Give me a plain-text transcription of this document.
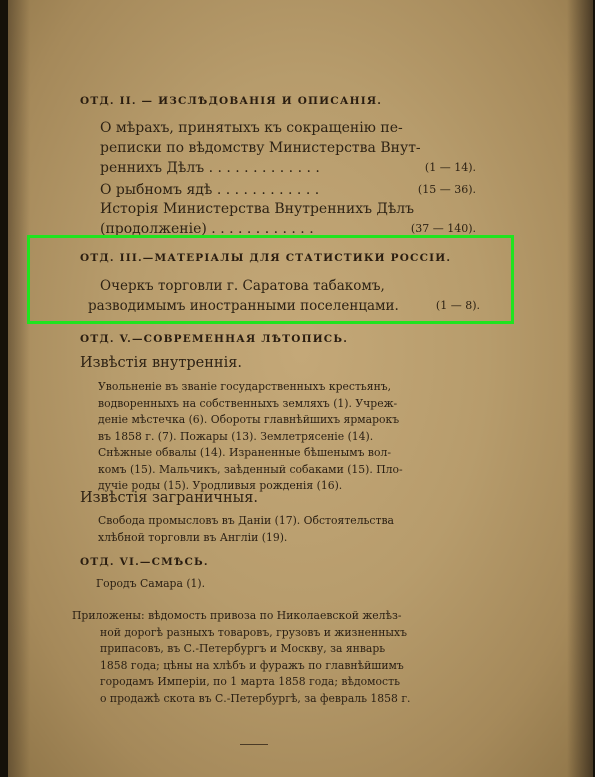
ОТД. II. — ИЗСЛѢДОВАНІЯ И ОПИСАНІЯ.
О мѣрахъ, принятыхъ къ сокращенію пе-
реписки по вѣдомству Министерства Внут-
реннихъ Дѣлъ . . . . . . . . . . . . .	(1 — 14).
О рыбномъ ядѣ . . . . . . . . . . . .	(15 — 36).
Исторія Министерства Внутреннихъ Дѣлъ
(продолженіе) . . . . . . . . . . . .	(37 — 140).
ОТД. III.—МАТЕРІАЛЫ ДЛЯ СТАТИСТИКИ РОССІИ.
Очеркъ торговли г. Саратова табакомъ,
разводимымъ иностранными поселенцами.	(1 — 8).
ОТД. V.—СОВРЕМЕННАЯ ЛѢТОПИСЬ.
Извѣстія внутреннія.
Увольненіе въ званіе государственныхъ крестьянъ,
водворенныхъ на собственныхъ земляхъ (1). Учреж-
деніе мѣстечка (6). Обороты главнѣйшихъ ярмарокъ
въ 1858 г. (7). Пожары (13). Землетрясеніе (14).
Снѣжные обвалы (14). Израненные бѣшенымъ вол-
комъ (15). Мальчикъ, заѣденный собаками (15). Пло-
дучіе роды (15). Уродливыя рожденія (16).
Извѣстія заграничныя.
Свобода промысловъ въ Даніи (17). Обстоятельства
хлѣбной торговли въ Англіи (19).
ОТД. VI.—СМѢСЬ.
Городъ Самара (1).
Приложены: вѣдомость привоза по Николаевской желѣз-
ной дорогѣ разныхъ товаровъ, грузовъ и жизненныхъ
припасовъ, въ С.-Петербургъ и Москву, за январь
1858 года; цѣны на хлѣбъ и фуражъ по главнѣйшимъ
городамъ Имперіи, по 1 марта 1858 года; вѣдомость
о продажѣ скота въ С.-Петербургѣ, за февраль 1858 г.
